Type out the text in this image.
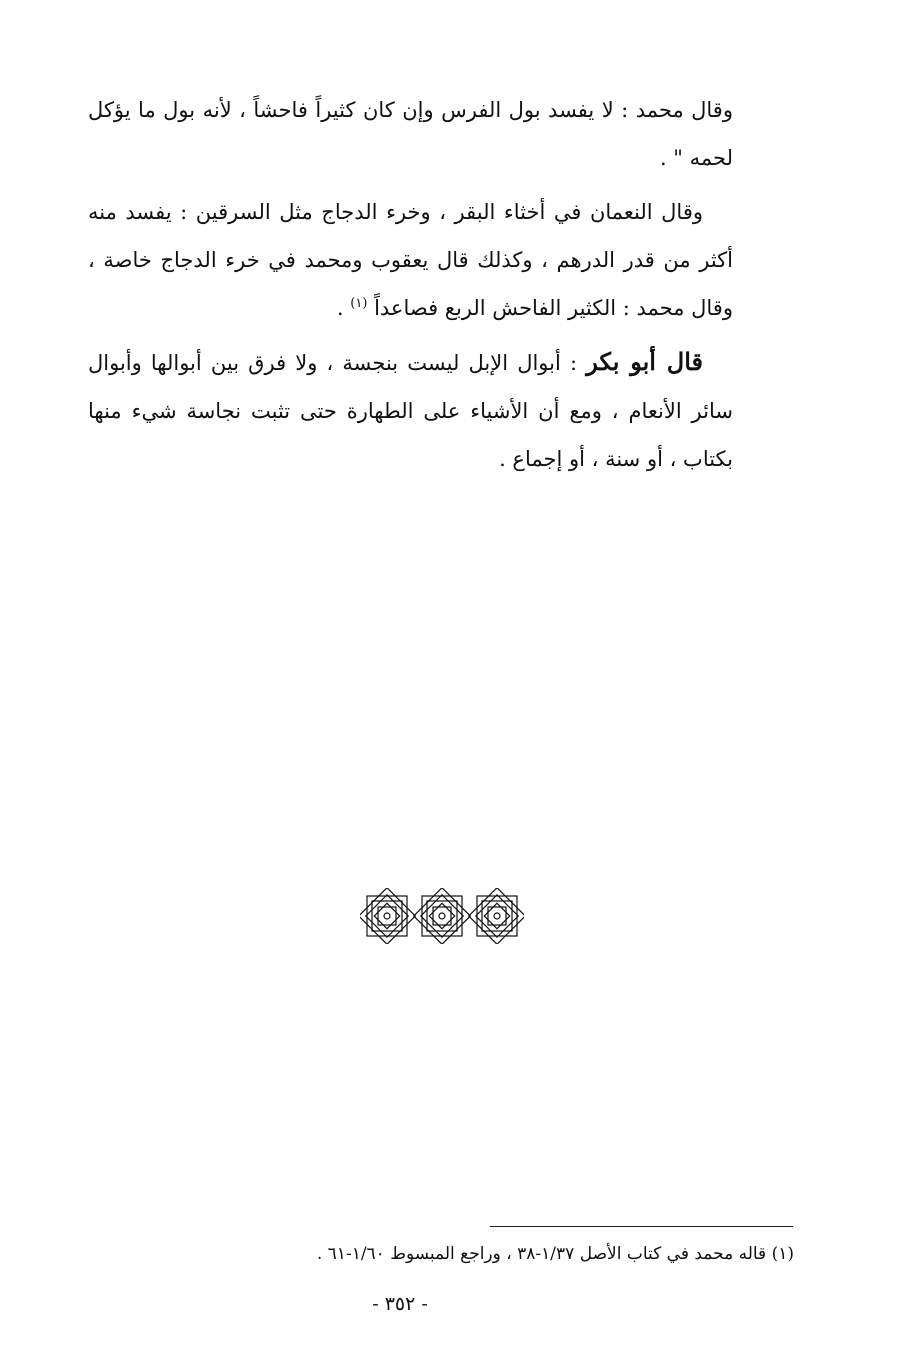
وقال محمد : لا يفسد بول الفرس وإن كان كثيراً فاحشاً ، لأنه بول ما يؤكل لحمه " .

وقال النعمان في أخثاء البقر ، وخرء الدجاج مثل السرقين : يفسد منه أكثر من قدر الدرهم ، وكذلك قال يعقوب ومحمد في خرء الدجاج خاصة ، وقال محمد : الكثير الفاحش الربع فصاعداً $^{(١)}$ .

قال أبو بكر : أبوال الإبل ليست بنجسة ، ولا فرق بين أبوالها وأبوال سائر الأنعام ، ومع أن الأشياء على الطهارة حتى تثبت نجاسة شيء منها بكتاب ، أو سنة ، أو إجماع .

(١) قاله محمد في كتاب الأصل ١/٣٧-٣٨ ، وراجع المبسوط ١/٦٠-٦١ .
- ٣٥٢ -
